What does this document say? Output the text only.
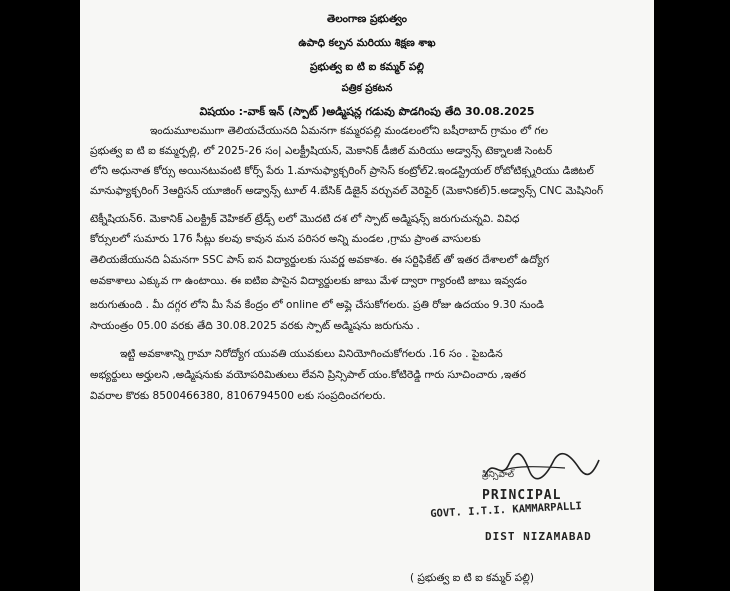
తెలంగాణ ప్రభుత్వం
ఉపాధి కల్పన మరియు శిక్షణ శాఖ
ప్రభుత్వ ఐ టి ఐ కమ్మర్ పల్లి
పత్రిక ప్రకటన
విషయం :-వాక్ ఇన్ (స్పాట్ )అడ్మిషన్ల గడువు పొడగింపు తేది 30.08.2025
ఇందుమూలముగా తెలియచేయునది ఏమనగా కమ్మరపల్లి మండలంలోని బషీరాబాద్ గ్రామం లో గల
ప్రభుత్వ ఐ టి ఐ కమ్మర్పల్లి, లో 2025-26 సం| ఎలక్ట్రీషియన్, మెకానిక్ డీజిల్ మరియు అడ్వాన్స్ టెక్నాలజీ సెంటర్
లోని అధునాత కోర్సు అయినటువంటి కోర్స్ పేరు 1.మానుఫ్యాక్చరింగ్ ప్రాసెస్ కంట్రోల్2.ఇండస్ట్రియల్ రోబోటిక్స్మరియు డిజిటల్
మానుఫ్యాక్చరింగ్ 3ఆర్టిసన్ యూజింగ్ అడ్వాన్స్ టూల్ 4.బేసిక్ డిజైన్ వర్చువల్ వెరిఫైర్ (మెకానికల్)5.అడ్వాన్స్ CNC మెషినింగ్
టెక్నీషియన్6. మెకానిక్ ఎలక్ట్రిక్ వెహికల్ ట్రేడ్స్ లలో మొదటి దశ లో స్పాట్ అడ్మిషన్స్ జరుగుచున్నవి. వివిధ
కోర్సులలో సుమారు 176 సీట్లు కలవు కావున మన పరిసర అన్ని మండల ,గ్రామ ప్రాంత వాసులకు
తెలియజేయునది ఏమనగా SSC పాస్ ఐన విద్యార్థులకు సువర్ణ అవకాశం. ఈ సర్టిఫికేట్ తో ఇతర దేశాలలో ఉద్యోగ
అవకాశాలు ఎక్కువ గా ఉంటాయి. ఈ ఐటిఐ పాసైన విద్యార్థులకు జాబు మేళ ద్వారా గ్యారంటి జాబు ఇవ్వడం
జరుగుతుంది . మీ దగ్గర లోని మీ సేవ కేంద్రం లో online లో అప్లై చేసుకోగలరు. ప్రతి రోజు ఉదయం 9.30 నుండి
సాయంత్రం 05.00 వరకు తేది 30.08.2025 వరకు స్పాట్ అడ్మిషను జరుగును .
ఇట్టి అవకాశాన్ని గ్రామా నిరోద్యోగ యువతి యువకులు వినియోగించుకోగలరు .16 సం . పైబడిన
అభ్యర్థులు అర్హులని ,అడ్మిషనుకు వయోపరిమితులు లేవని ప్రిన్సిపాల్ యం.కోటిరెడ్డి గారు సూచించారు ,ఇతర
వివరాల కొరకు 8500466380, 8106794500 లకు సంప్రదించగలరు.
ప్రిన్సిపాల్
PRINCIPAL
GOVT. I.T.I. KAMMARPALLI
DIST NIZAMABAD
( ప్రభుత్వ ఐ టి ఐ కమ్మర్ పల్లి)
